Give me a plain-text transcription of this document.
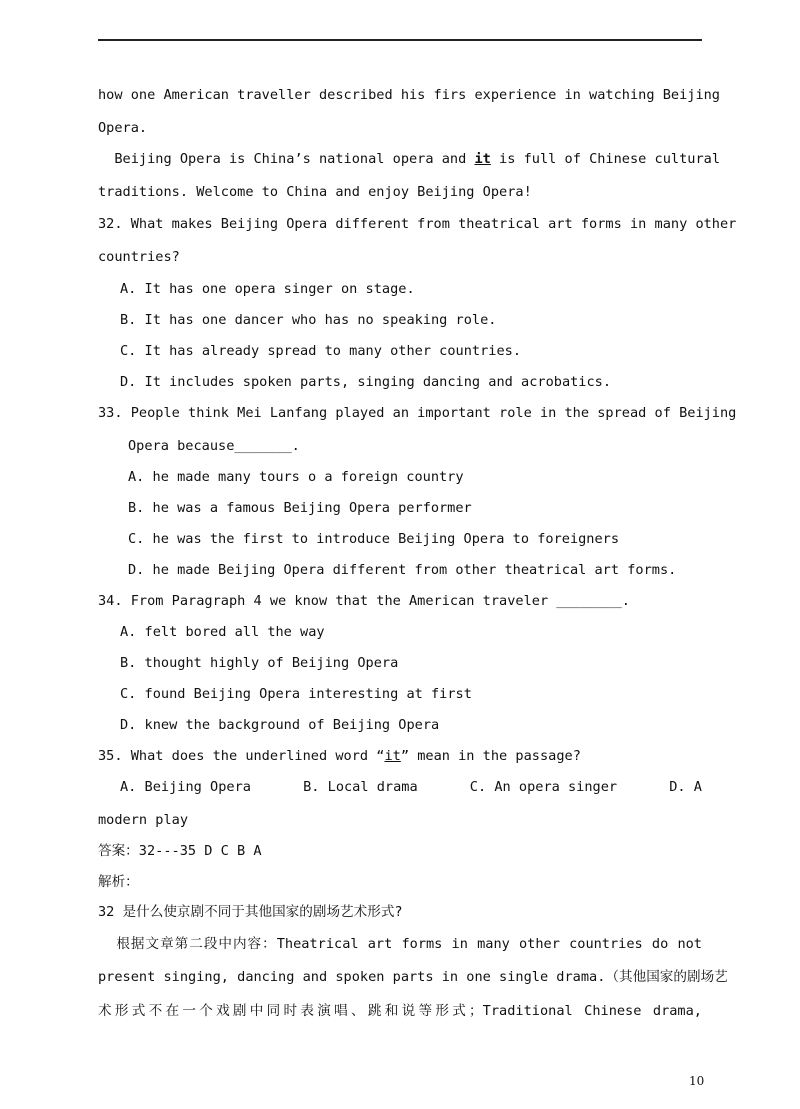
how one American traveller described his firs experience in watching Beijing
Opera.
Beijing Opera is China’s national opera and it is full of Chinese cultural
traditions. Welcome to China and enjoy Beijing Opera!
32. What makes Beijing Opera different from theatrical art forms in many other
countries?
A. It has one opera singer on stage.
B. It has one dancer who has no speaking role.
C. It has already spread to many other countries.
D. It includes spoken parts, singing dancing and acrobatics.
33. People think Mei Lanfang played an important role in the spread of Beijing
Opera because_______.
A. he made many tours o a foreign country
B. he was a famous Beijing Opera performer
C. he was the first to introduce Beijing Opera to foreigners
D. he made Beijing Opera different from other theatrical art forms.
34. From Paragraph 4 we know that the American traveler ________.
A. felt bored all the way
B. thought highly of Beijing Opera
C. found Beijing Opera interesting at first
D. knew the background of Beijing Opera
35. What does the underlined word “ it ” mean in the passage?
A. Beijing Opera	B. Local drama	C. An opera singer	D. A
modern play
答案：32---35 D C B A
解析：
32 是什么使京剧不同于其他国家的剧场艺术形式?
根据文章第二段中内容：Theatrical art forms in many other countries do not
present singing, dancing and spoken parts in one single drama.（其他国家的剧场艺
术形式不在一个戏剧中同时表演唱、跳和说等形式；Traditional Chinese drama,
10
